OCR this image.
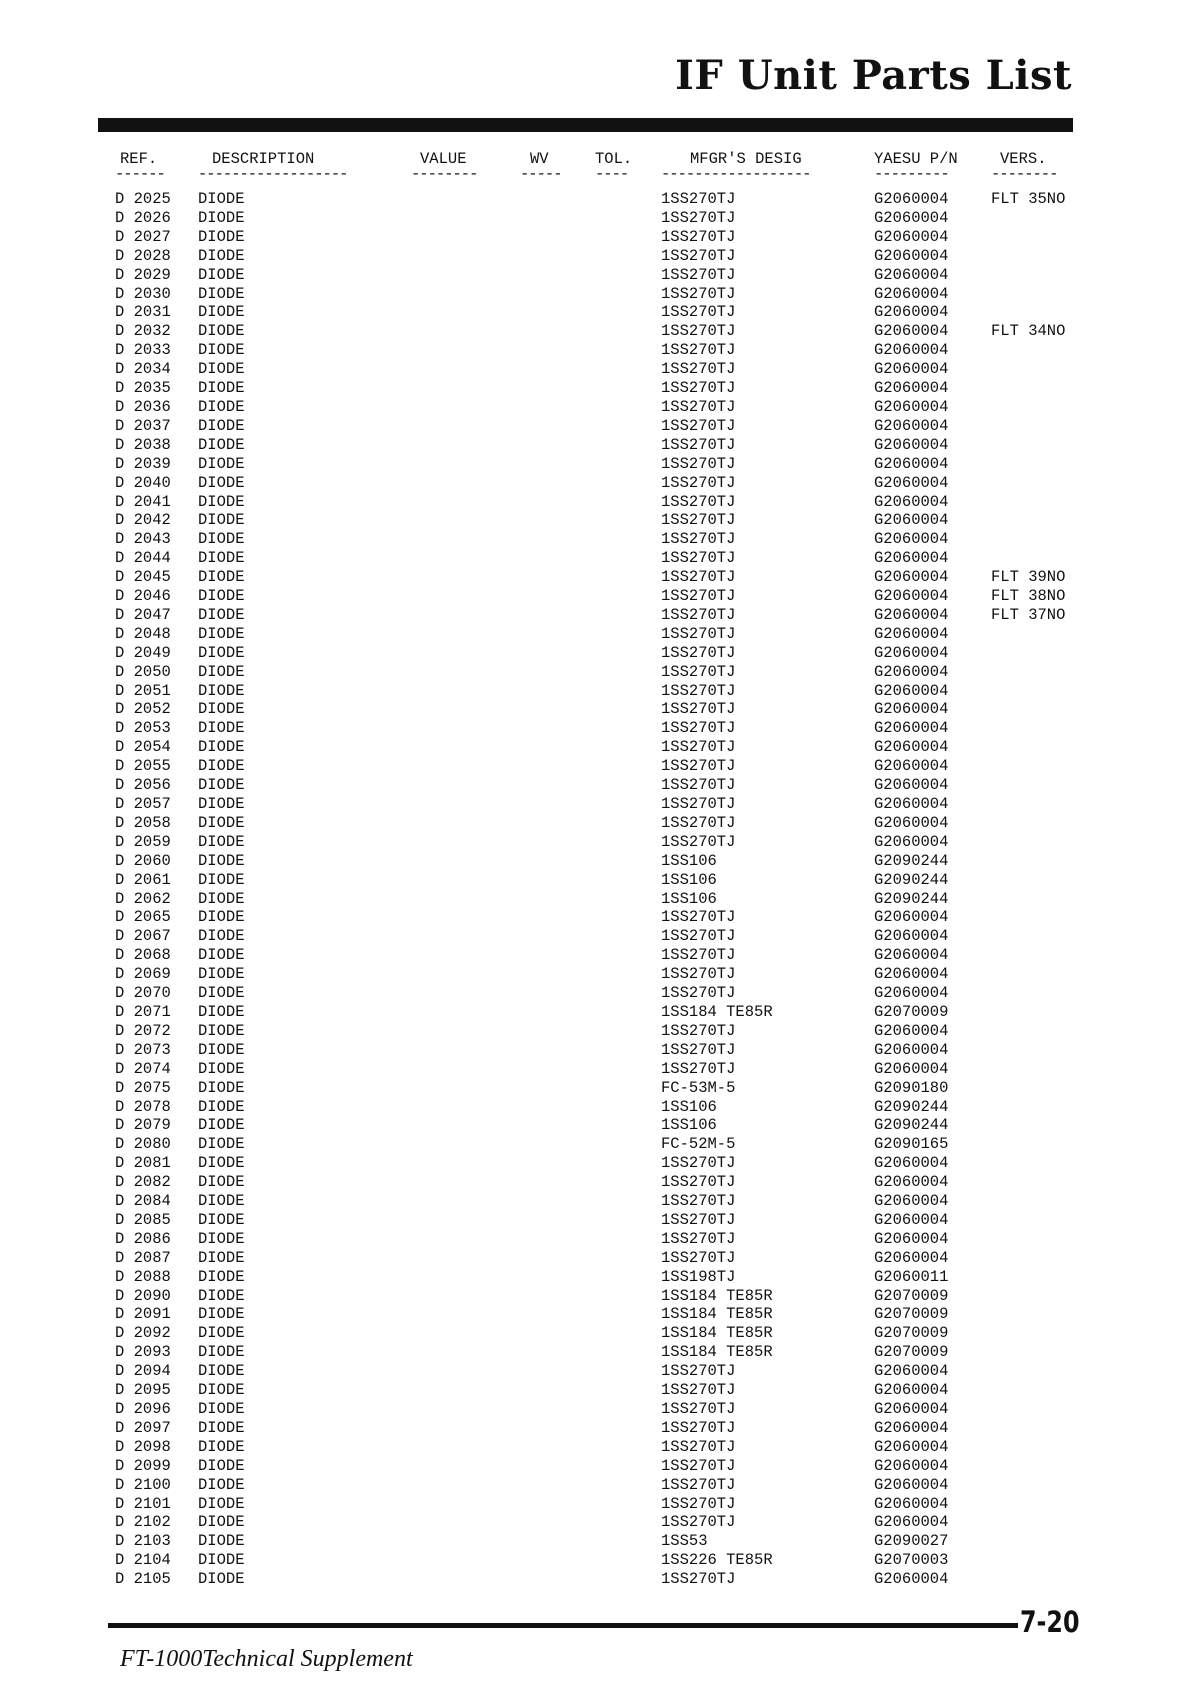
IF Unit Parts List
REF.	DESCRIPTION	VALUE	WV	TOL.	MFGR'S DESIG	YAESU P/N	VERS.
------ ------------------	--------	----- ---- ------------------	---------	--------
D 2025 DIODE	1SS270TJ	G2060004	FLT 35NO
D 2026 DIODE	1SS270TJ	G2060004
D 2027 DIODE	1SS270TJ	G2060004
D 2028 DIODE	1SS270TJ	G2060004
D 2029 DIODE	1SS270TJ	G2060004
D 2030 DIODE	1SS270TJ	G2060004
D 2031 DIODE	1SS270TJ	G2060004
D 2032 DIODE	1SS270TJ	G2060004	FLT 34NO
D 2033 DIODE	1SS270TJ	G2060004
D 2034 DIODE	1SS270TJ	G2060004
D 2035 DIODE	1SS270TJ	G2060004
D 2036 DIODE	1SS270TJ	G2060004
D 2037 DIODE	1SS270TJ	G2060004
D 2038 DIODE	1SS270TJ	G2060004
D 2039 DIODE	1SS270TJ	G2060004
D 2040 DIODE	1SS270TJ	G2060004
D 2041 DIODE	1SS270TJ	G2060004
D 2042 DIODE	1SS270TJ	G2060004
D 2043 DIODE	1SS270TJ	G2060004
D 2044 DIODE	1SS270TJ	G2060004
D 2045 DIODE	1SS270TJ	G2060004	FLT 39NO
D 2046 DIODE	1SS270TJ	G2060004	FLT 38NO
D 2047 DIODE	1SS270TJ	G2060004	FLT 37NO
D 2048 DIODE	1SS270TJ	G2060004
D 2049 DIODE	1SS270TJ	G2060004
D 2050 DIODE	1SS270TJ	G2060004
D 2051 DIODE	1SS270TJ	G2060004
D 2052 DIODE	1SS270TJ	G2060004
D 2053 DIODE	1SS270TJ	G2060004
D 2054 DIODE	1SS270TJ	G2060004
D 2055 DIODE	1SS270TJ	G2060004
D 2056 DIODE	1SS270TJ	G2060004
D 2057 DIODE	1SS270TJ	G2060004
D 2058 DIODE	1SS270TJ	G2060004
D 2059 DIODE	1SS270TJ	G2060004
D 2060 DIODE	1SS106	G2090244
D 2061 DIODE	1SS106	G2090244
D 2062 DIODE	1SS106	G2090244
D 2065 DIODE	1SS270TJ	G2060004
D 2067 DIODE	1SS270TJ	G2060004
D 2068 DIODE	1SS270TJ	G2060004
D 2069 DIODE	1SS270TJ	G2060004
D 2070 DIODE	1SS270TJ	G2060004
D 2071 DIODE	1SS184 TE85R	G2070009
D 2072 DIODE	1SS270TJ	G2060004
D 2073 DIODE	1SS270TJ	G2060004
D 2074 DIODE	1SS270TJ	G2060004
D 2075 DIODE	FC-53M-5	G2090180
D 2078 DIODE	1SS106	G2090244
D 2079 DIODE	1SS106	G2090244
D 2080 DIODE	FC-52M-5	G2090165
D 2081 DIODE	1SS270TJ	G2060004
D 2082 DIODE	1SS270TJ	G2060004
D 2084 DIODE	1SS270TJ	G2060004
D 2085 DIODE	1SS270TJ	G2060004
D 2086 DIODE	1SS270TJ	G2060004
D 2087 DIODE	1SS270TJ	G2060004
D 2088 DIODE	1SS198TJ	G2060011
D 2090 DIODE	1SS184 TE85R	G2070009
D 2091 DIODE	1SS184 TE85R	G2070009
D 2092 DIODE	1SS184 TE85R	G2070009
D 2093 DIODE	1SS184 TE85R	G2070009
D 2094 DIODE	1SS270TJ	G2060004
D 2095 DIODE	1SS270TJ	G2060004
D 2096 DIODE	1SS270TJ	G2060004
D 2097 DIODE	1SS270TJ	G2060004
D 2098 DIODE	1SS270TJ	G2060004
D 2099 DIODE	1SS270TJ	G2060004
D 2100 DIODE	1SS270TJ	G2060004
D 2101 DIODE	1SS270TJ	G2060004
D 2102 DIODE	1SS270TJ	G2060004
D 2103 DIODE	1SS53	G2090027
D 2104 DIODE	1SS226 TE85R	G2070003
D 2105 DIODE	1SS270TJ	G2060004
7-20
FT-1000Technical Supplement
